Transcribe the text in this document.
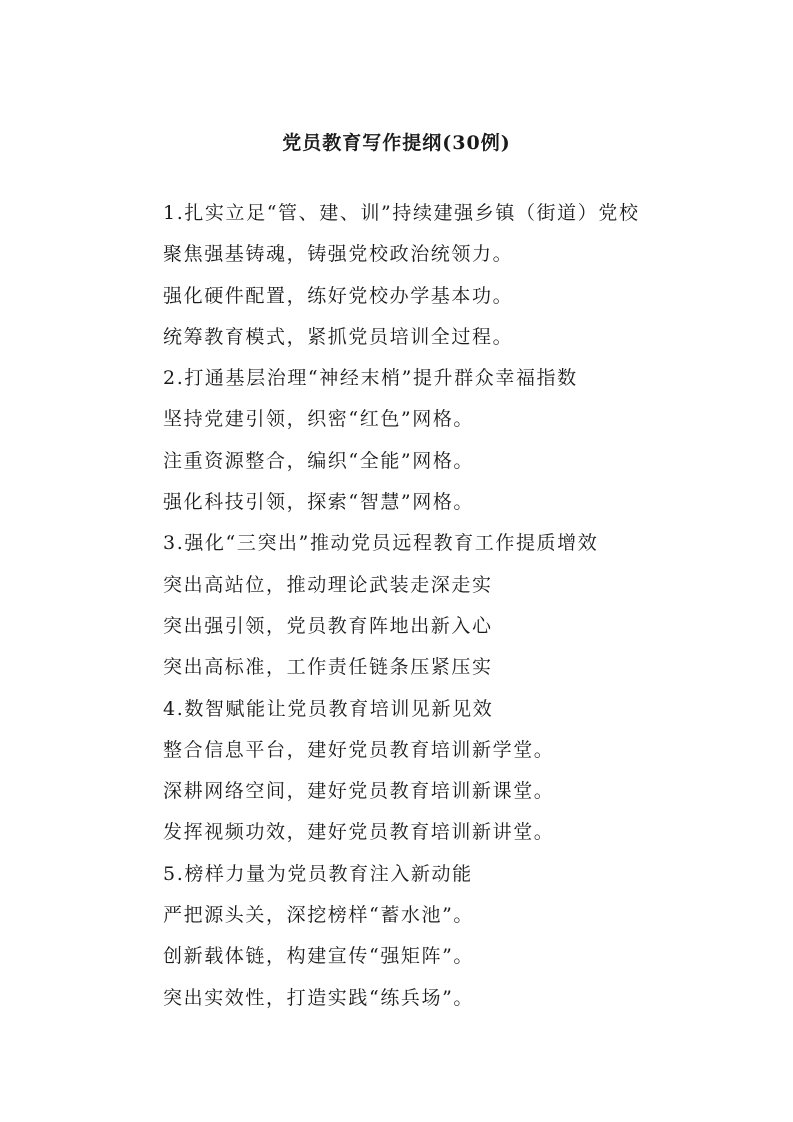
党员教育写作提纲(30例)
1.扎实立足“管、建、训”持续建强乡镇（街道）党校
聚焦强基铸魂，铸强党校政治统领力。
强化硬件配置，练好党校办学基本功。
统筹教育模式，紧抓党员培训全过程。
2.打通基层治理“神经末梢”提升群众幸福指数
坚持党建引领，织密“红色”网格。
注重资源整合，编织“全能”网格。
强化科技引领，探索“智慧”网格。
3.强化“三突出”推动党员远程教育工作提质增效
突出高站位，推动理论武装走深走实
突出强引领，党员教育阵地出新入心
突出高标准，工作责任链条压紧压实
4.数智赋能让党员教育培训见新见效
整合信息平台，建好党员教育培训新学堂。
深耕网络空间，建好党员教育培训新课堂。
发挥视频功效，建好党员教育培训新讲堂。
5.榜样力量为党员教育注入新动能
严把源头关，深挖榜样“蓄水池”。
创新载体链，构建宣传“强矩阵”。
突出实效性，打造实践“练兵场”。
